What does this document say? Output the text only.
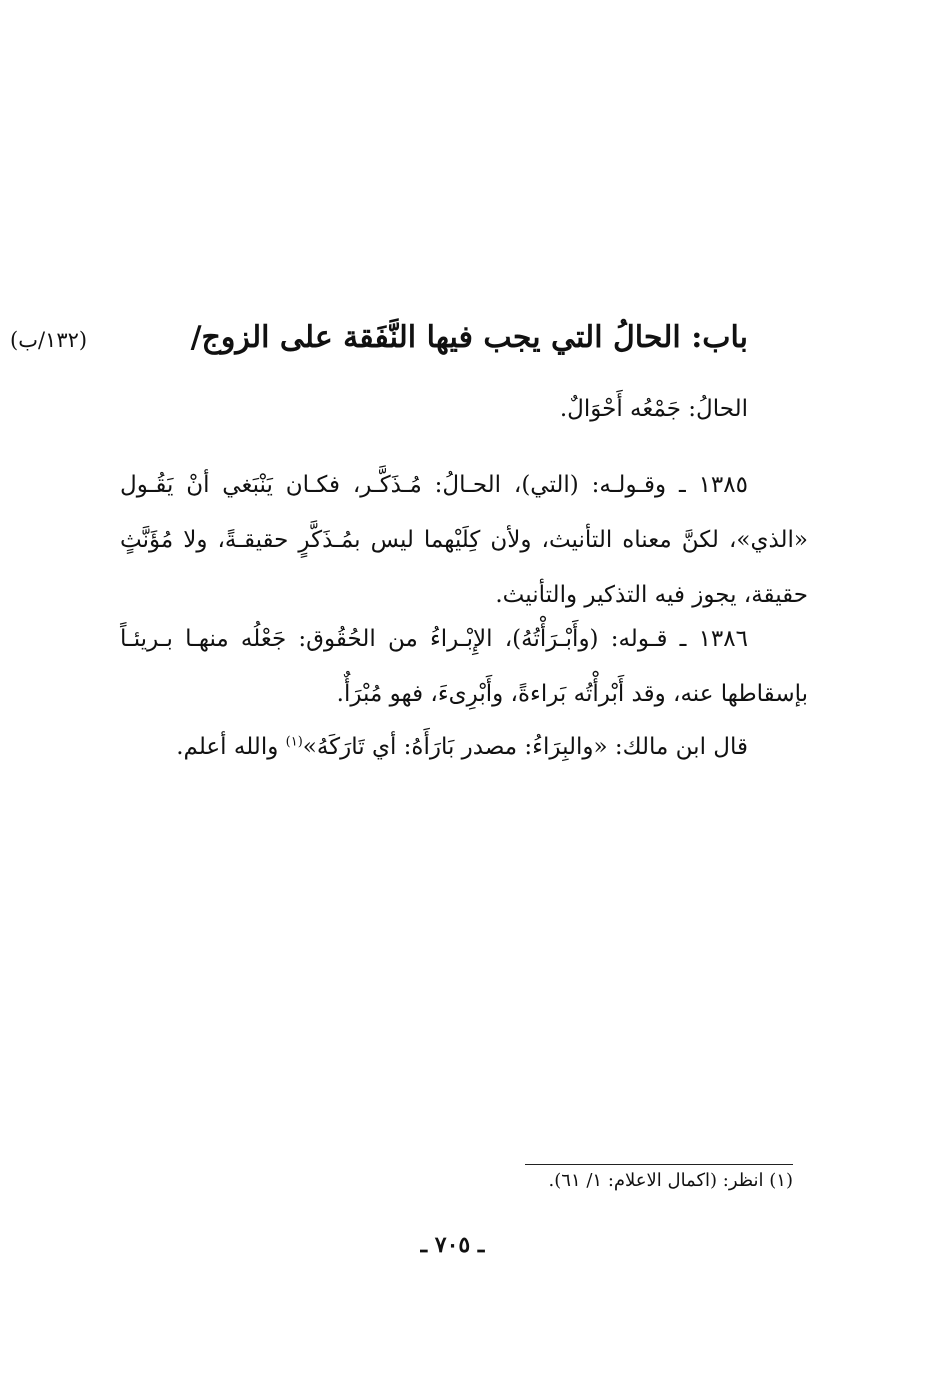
باب: الحالُ التي يجب فيها النَّفَقة على الزوج/
(١٣٢/ب)
الحالُ: جَمْعُه أَحْوَالٌ.
١٣٨٥ ـ وقـولـه: (التي)، الحـالُ: مُـذَكَّـر، فكـان يَنْبَغي أنْ يَقُـول «الذي»، لكنَّ معناه التأنيث، ولأن كِلَيْهما ليس بمُـذَكَّرٍ حقيقـةً، ولا مُؤَنَّثٍ حقيقة، يجوز فيه التذكير والتأنيث.
١٣٨٦ ـ قـوله: (وأَبْـرَأْتُهُ)، الإِبْـراءُ من الحُقُوق: جَعْلُه منهـا بـريئـاً بإسقاطها عنه، وقد أَبْرأْتُه بَراءةً، وأَبْرِىءَ، فهو مُبْرَأٌ.
قال ابن مالك: «والبِرَاءُ: مصدر بَارَأَهُ: أي تَارَكَهُ»$^{(١)}$ والله أعلم.
(١) انظر: (اكمال الاعلام: ١/ ٦١).
ـ ٧٠٥ ـ
